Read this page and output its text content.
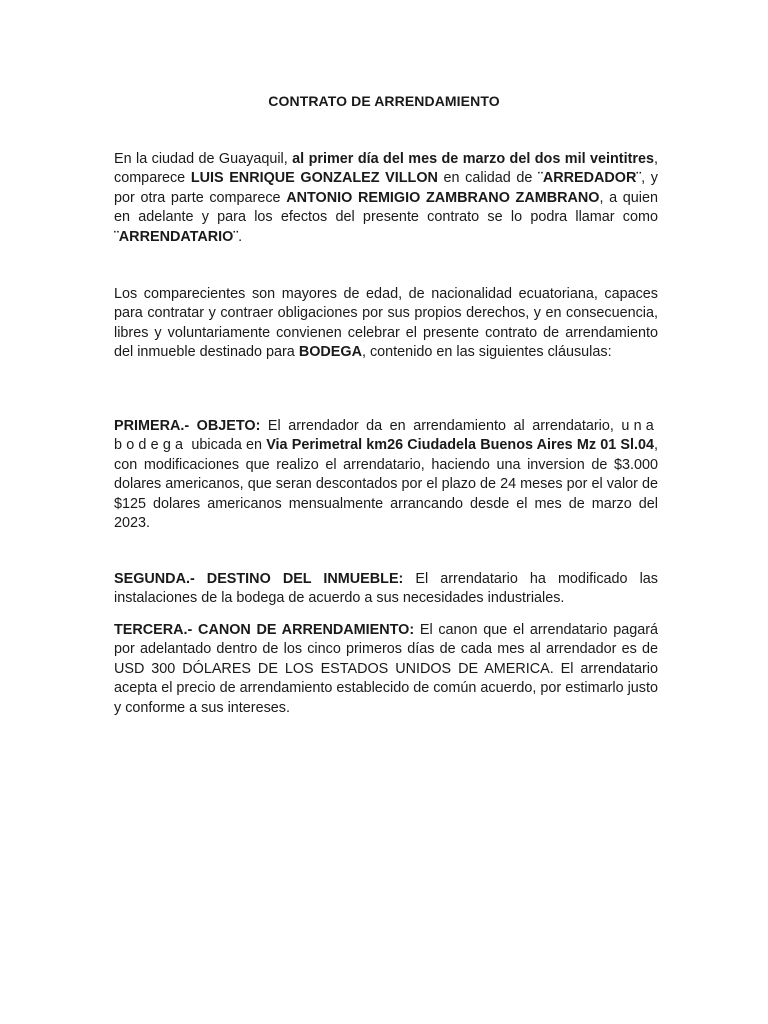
CONTRATO DE ARRENDAMIENTO

En la ciudad de Guayaquil, al primer día del mes de marzo del dos mil veintitres, comparece LUIS ENRIQUE GONZALEZ VILLON en calidad de ¨ARREDADOR¨, y por otra parte comparece ANTONIO REMIGIO ZAMBRANO ZAMBRANO, a quien en adelante y para los efectos del presente contrato se lo podra llamar como ¨ARRENDATARIO¨.

Los comparecientes son mayores de edad, de nacionalidad ecuatoriana, capaces para contratar y contraer obligaciones por sus propios derechos, y en consecuencia, libres y voluntariamente convienen celebrar el presente contrato de arrendamiento del inmueble destinado para BODEGA, contenido en las siguientes cláusulas:

PRIMERA.- OBJETO: El arrendador da en arrendamiento al arrendatario, una bodega ubicada en Via Perimetral km26 Ciudadela Buenos Aires Mz 01 Sl.04, con modificaciones que realizo el arrendatario, haciendo una inversion de $3.000 dolares americanos, que seran descontados por el plazo de 24 meses por el valor de $125 dolares americanos mensualmente arrancando desde el mes de marzo del 2023.

SEGUNDA.- DESTINO DEL INMUEBLE: El arrendatario ha modificado las instalaciones de la bodega de acuerdo a sus necesidades industriales.

TERCERA.- CANON DE ARRENDAMIENTO: El canon que el arrendatario pagará por adelantado dentro de los cinco primeros días de cada mes al arrendador es de USD 300 DÓLARES DE LOS ESTADOS UNIDOS DE AMERICA. El arrendatario acepta el precio de arrendamiento establecido de común acuerdo, por estimarlo justo y conforme a sus intereses.
